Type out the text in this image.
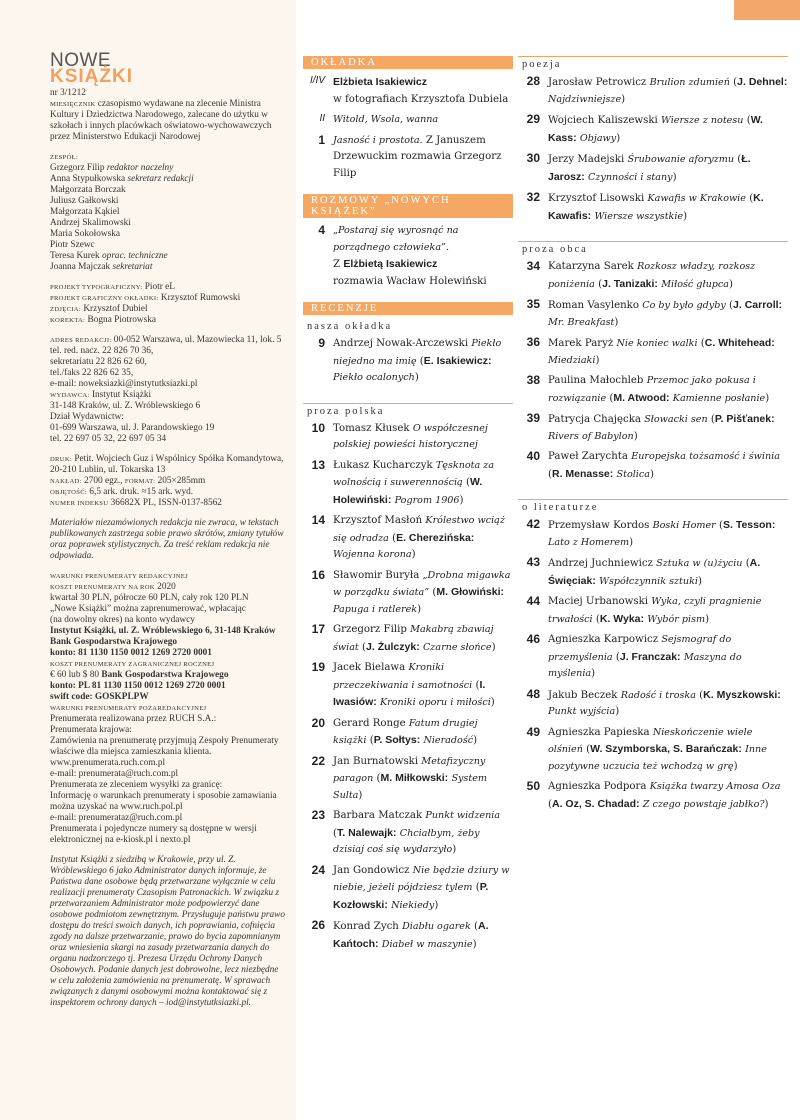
NOWE
KSIĄŻKI
nr 3/1212
MIESIĘCZNIK czasopismo wydawane na zlecenie Ministra Kultury i Dziedzictwa Narodowego, zalecane do użytku w szkołach i innych placówkach oświatowo-wychowawczych przez Ministerstwo Edukacji Narodowej
ZESPÓŁ:
Grzegorz Filip redaktor naczelny
Anna Stypułkowska sekretarz redakcji
Małgorzata Borczak
Juliusz Gałkowski
Małgorzata Kąkiel
Andrzej Skalimowski
Maria Sokołowska
Piotr Szewc
Teresa Kurek oprac. techniczne
Joanna Majczak sekretariat
PROJEKT TYPOGRAFICZNY: Piotr eL
PROJEKT GRAFICZNY OKŁADKI: Krzysztof Rumowski
ZDJĘCIA: Krzysztof Dubiel
KOREKTA: Bogna Piotrowska
ADRES REDAKCJI: 00-052 Warszawa, ul. Mazowiecka 11, lok. 5
tel. red. nacz. 22 826 70 36,
sekretariatu 22 826 62 60,
tel./faks 22 826 62 35,
e-mail: noweksiazki@instytutksiazki.pl
WYDAWCA: Instytut Książki
31-148 Kraków, ul. Z. Wróblewskiego 6
Dział Wydawnictw:
01-699 Warszawa, ul. J. Parandowskiego 19
tel. 22 697 05 32, 22 697 05 34
DRUK: Petit. Wojciech Guz i Wspólnicy Spółka Komandytowa, 20-210 Lublin, ul. Tokarska 13
NAKŁAD: 2700 egz., FORMAT: 205×285mm
OBJĘTOŚĆ: 6,5 ark. druk. ≈15 ark. wyd.
NUMER INDEKSU 36682X PL, ISSN-0137-8562
Materiałów niezamówionych redakcja nie zwraca, w tekstach publikowanych zastrzega sobie prawo skrótów, zmiany tytułów oraz poprawek stylistycznych. Za treść reklam redakcja nie odpowiada.
WARUNKI PRENUMERATY REDAKCYJNEJ
KOSZT PRENUMERATY NA ROK 2020
kwartał 30 PLN, półrocze 60 PLN, cały rok 120 PLN
„Nowe Książki” można zaprenumerować, wpłacając
(na dowolny okres) na konto wydawcy
Instytut Książki, ul. Z. Wróblewskiego 6, 31-148 Kraków
Bank Gospodarstwa Krajowego
konto: 81 1130 1150 0012 1269 2720 0001
KOSZT PRENUMERATY ZAGRANICZNEJ ROCZNEJ
€ 60 lub $ 80 Bank Gospodarstwa Krajowego
konto: PL 81 1130 1150 0012 1269 2720 0001
swift code: GOSKPLPW
WARUNKI PRENUMERATY POZAREDAKCYJNEJ
Prenumerata realizowana przez RUCH S.A.:
Prenumerata krajowa:
Zamówienia na prenumeratę przyjmują Zespoły Prenumeraty właściwe dla miejsca zamieszkania klienta.
www.prenumerata.ruch.com.pl
e-mail: prenumerata@ruch.com.pl
Prenumerata ze zleceniem wysyłki za granicę:
Informację o warunkach prenumeraty i sposobie zamawiania można uzyskać na www.ruch.pol.pl
e-mail: prenumerataz@ruch.com.pl
Prenumerata i pojedyncze numery są dostępne w wersji elektronicznej na e-kiosk.pl i nexto.pl
Instytut Książki z siedzibą w Krakowie, przy ul. Z. Wróblewskiego 6 jako Administrator danych informuje, że Państwa dane osobowe będą przetwarzane wyłącznie w celu realizacji prenumeraty Czasopism Patronackich. W związku z przetwarzaniem Administrator może podpowierzyć dane osobowe podmiotom zewnętrznym. Przysługuje państwu prawo dostępu do treści swoich danych, ich poprawiania, cofnięcia zgody na dalsze przetwarzanie, prawo do bycia zapomnianym oraz wniesienia skargi na zasady przetwarzania danych do organu nadzorczego tj. Prezesa Urzędu Ochrony Danych Osobowych. Podanie danych jest dobrowolne, lecz niezbędne w celu założenia zamówienia na prenumeratę. W sprawach związanych z danymi osobowymi można kontaktować się z inspektorem ochrony danych – iod@instytutksiazki.pl.
OKŁADKA
I/IV Elżbieta Isakiewicz
w fotografiach Krzysztofa Dubiela
II Witold, Wsola, wanna
1 Jasność i prostota. Z Januszem Drzewuckim rozmawia Grzegorz Filip
ROZMOWY „NOWYCH KSIĄŻEK”
4 „Postaraj się wyrosnąć na porządnego człowieka”.
Z Elżbietą Isakiewicz
rozmawia Wacław Holewiński
RECENZJE
nasza okładka
9 Andrzej Nowak-Arczewski Piekło niejedno ma imię (E. Isakiewicz: Piekło ocalonych)
proza polska
10 Tomasz Kłusek O współczesnej polskiej powieści historycznej
13 Łukasz Kucharczyk Tęsknota za wolnością i suwerennością (W. Holewiński: Pogrom 1906)
14 Krzysztof Masłoń Królestwo wciąż się odradza (E. Cherezińska: Wojenna korona)
16 Sławomir Buryła „Drobna migawka w porządku świata” (M. Głowiński: Papuga i ratlerek)
17 Grzegorz Filip Makabrą zbawiaj świat (J. Żulczyk: Czarne słońce)
19 Jacek Bielawa Kroniki przeczekiwania i samotności (I. Iwasiów: Kroniki oporu i miłości)
20 Gerard Ronge Fatum drugiej książki (P. Sołtys: Nieradość)
22 Jan Burnatowski Metafizyczny paragon (M. Miłkowski: System Sulta)
23 Barbara Matczak Punkt widzenia (T. Nalewajk: Chciałbym, żeby dzisiaj coś się wydarzyło)
24 Jan Gondowicz Nie będzie dziury w niebie, jeżeli pójdziesz tylem (P. Kozłowski: Niekiedy)
26 Konrad Zych Diabłu ogarek (A. Kańtoch: Diabeł w maszynie)
poezja
28 Jarosław Petrowicz Brulion zdumień (J. Dehnel: Najdziwniejsze)
29 Wojciech Kaliszewski Wiersze z notesu (W. Kass: Objawy)
30 Jerzy Madejski Śrubowanie aforyzmu (Ł. Jarosz: Czynności i stany)
32 Krzysztof Lisowski Kawafis w Krakowie (K. Kawafis: Wiersze wszystkie)
proza obca
34 Katarzyna Sarek Rozkosz władzy, rozkosz poniżenia (J. Tanizaki: Miłość głupca)
35 Roman Vasylenko Co by było gdyby (J. Carroll: Mr. Breakfast)
36 Marek Paryż Nie koniec walki (C. Whitehead: Miedziaki)
38 Paulina Małochleb Przemoc jako pokusa i rozwiązanie (M. Atwood: Kamienne posłanie)
39 Patrycja Chajęcka Słowacki sen (P. Pišťanek: Rivers of Babylon)
40 Paweł Zarychta Europejska tożsamość i świnia (R. Menasse: Stolica)
o literaturze
42 Przemysław Kordos Boski Homer (S. Tesson: Lato z Homerem)
43 Andrzej Juchniewicz Sztuka w (u)życiu (A. Święciak: Współczynnik sztuki)
44 Maciej Urbanowski Wyka, czyli pragnienie trwałości (K. Wyka: Wybór pism)
46 Agnieszka Karpowicz Sejsmograf do przemyślenia (J. Franczak: Maszyna do myślenia)
48 Jakub Beczek Radość i troska (K. Myszkowski: Punkt wyjścia)
49 Agnieszka Papieska Nieskończenie wiele olśnień (W. Szymborska, S. Barańczak: Inne pozytywne uczucia też wchodzą w grę)
50 Agnieszka Podpora Książka twarzy Amosa Oza (A. Oz, S. Chadad: Z czego powstaje jabłko?)
